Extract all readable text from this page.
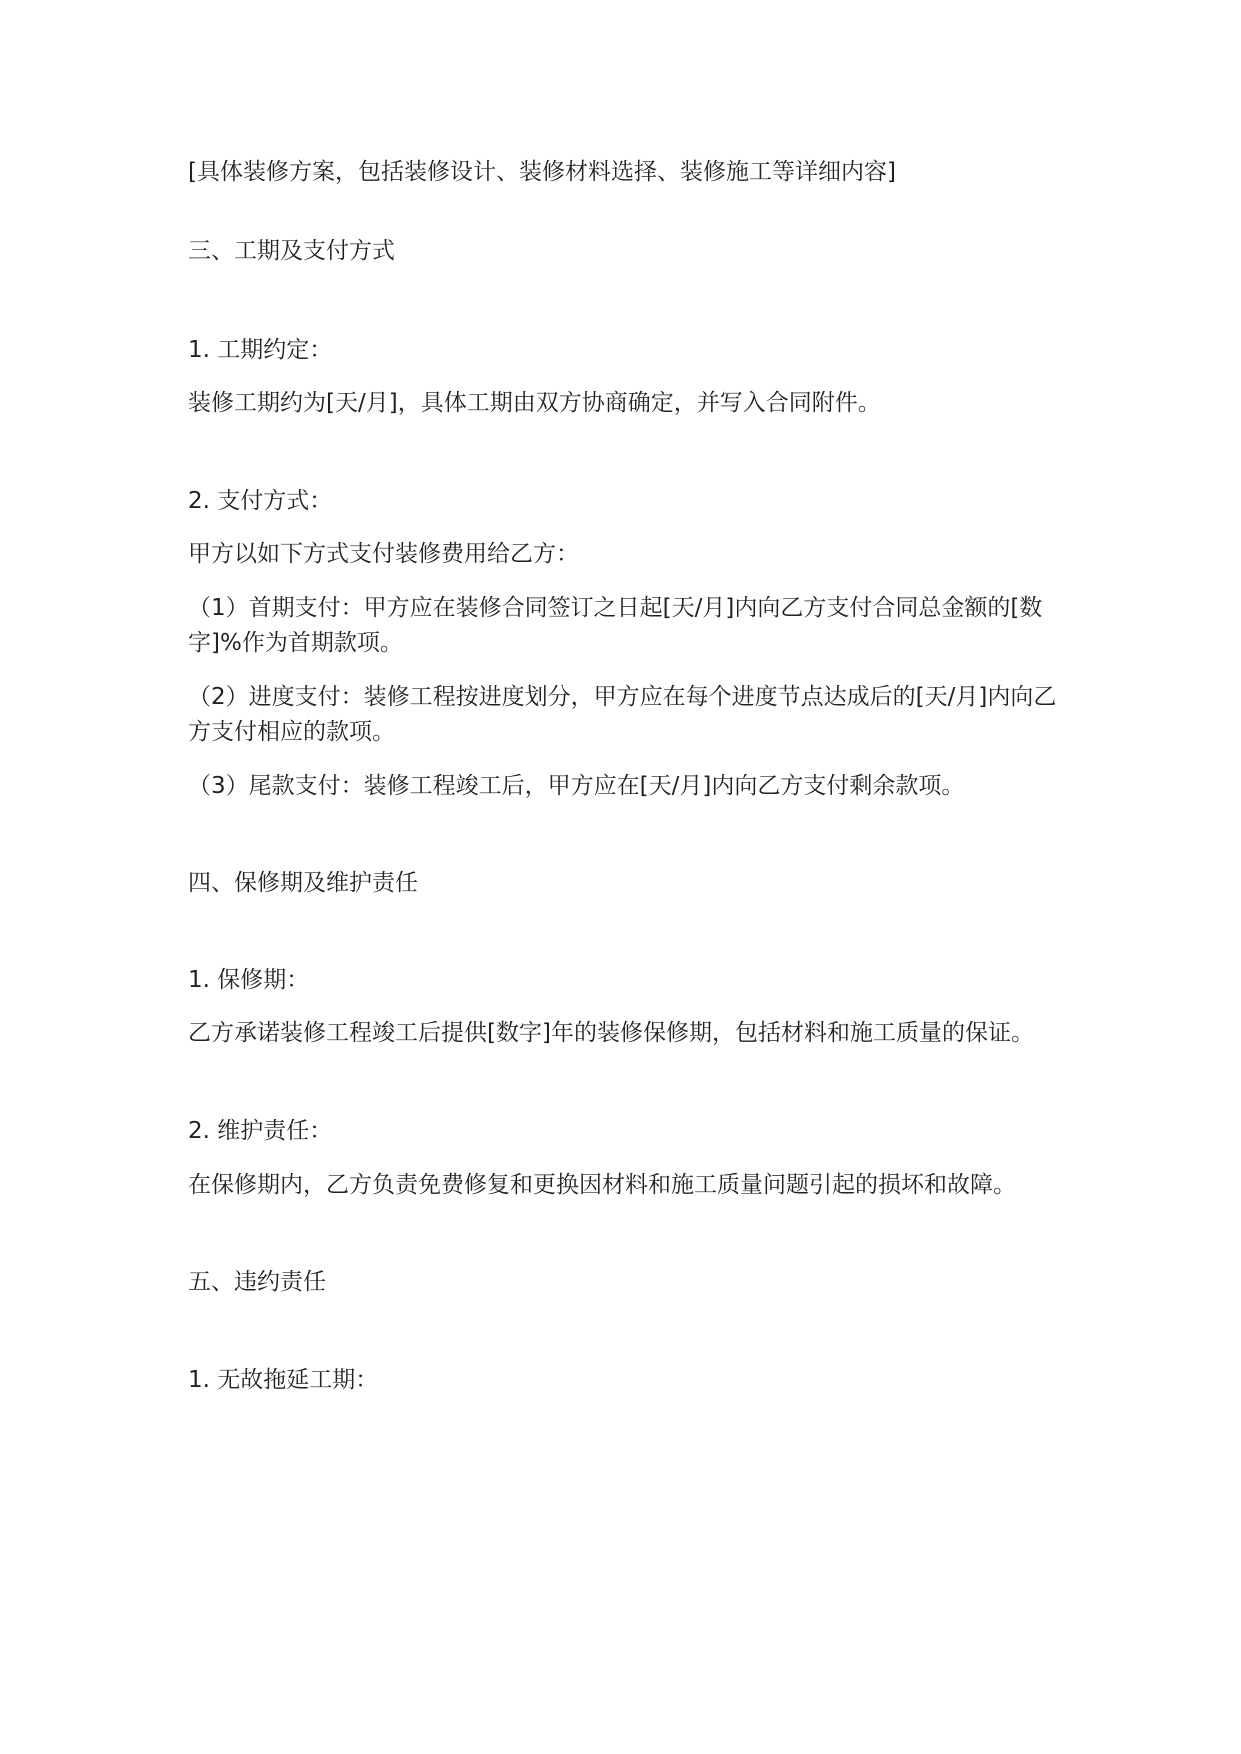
[具体装修方案，包括装修设计、装修材料选择、装修施工等详细内容]

三、工期及支付方式

1. 工期约定：

装修工期约为[天/月]，具体工期由双方协商确定，并写入合同附件。

2. 支付方式：

甲方以如下方式支付装修费用给乙方：

（1）首期支付：甲方应在装修合同签订之日起[天/月]内向乙方支付合同总金额的[数

字]%作为首期款项。

（2）进度支付：装修工程按进度划分，甲方应在每个进度节点达成后的[天/月]内向乙

方支付相应的款项。

（3）尾款支付：装修工程竣工后，甲方应在[天/月]内向乙方支付剩余款项。

四、保修期及维护责任

1. 保修期：

乙方承诺装修工程竣工后提供[数字]年的装修保修期，包括材料和施工质量的保证。

2. 维护责任：

在保修期内，乙方负责免费修复和更换因材料和施工质量问题引起的损坏和故障。

五、违约责任

1. 无故拖延工期：
